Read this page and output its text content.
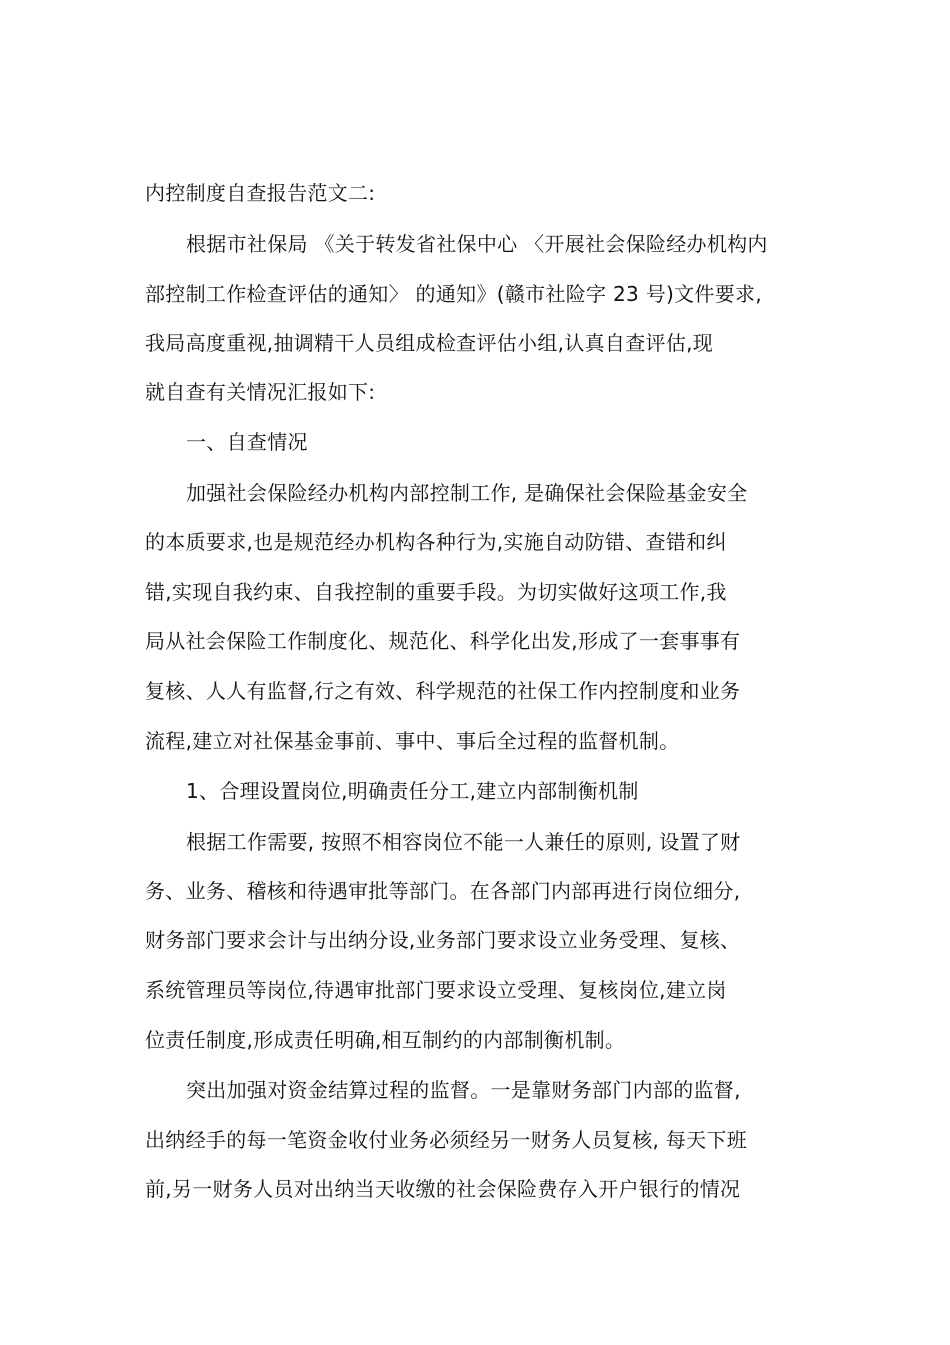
内控制度自查报告范文二:
根据市社保局 《关于转发省社保中心 〈开展社会保险经办机构内
部控制工作检查评估的通知〉 的通知》(赣市社险字 23 号)文件要求,
我局高度重视,抽调精干人员组成检查评估小组,认真自查评估,现
就自查有关情况汇报如下:
一、自查情况
加强社会保险经办机构内部控制工作, 是确保社会保险基金安全
的本质要求,也是规范经办机构各种行为,实施自动防错、查错和纠
错,实现自我约束、自我控制的重要手段。为切实做好这项工作,我
局从社会保险工作制度化、规范化、科学化出发,形成了一套事事有
复核、人人有监督,行之有效、科学规范的社保工作内控制度和业务
流程,建立对社保基金事前、事中、事后全过程的监督机制。
1、合理设置岗位,明确责任分工,建立内部制衡机制
根据工作需要, 按照不相容岗位不能一人兼任的原则, 设置了财
务、业务、稽核和待遇审批等部门。在各部门内部再进行岗位细分,
财务部门要求会计与出纳分设,业务部门要求设立业务受理、复核、
系统管理员等岗位,待遇审批部门要求设立受理、复核岗位,建立岗
位责任制度,形成责任明确,相互制约的内部制衡机制。
突出加强对资金结算过程的监督。一是靠财务部门内部的监督,
出纳经手的每一笔资金收付业务必须经另一财务人员复核, 每天下班
前,另一财务人员对出纳当天收缴的社会保险费存入开户银行的情况
